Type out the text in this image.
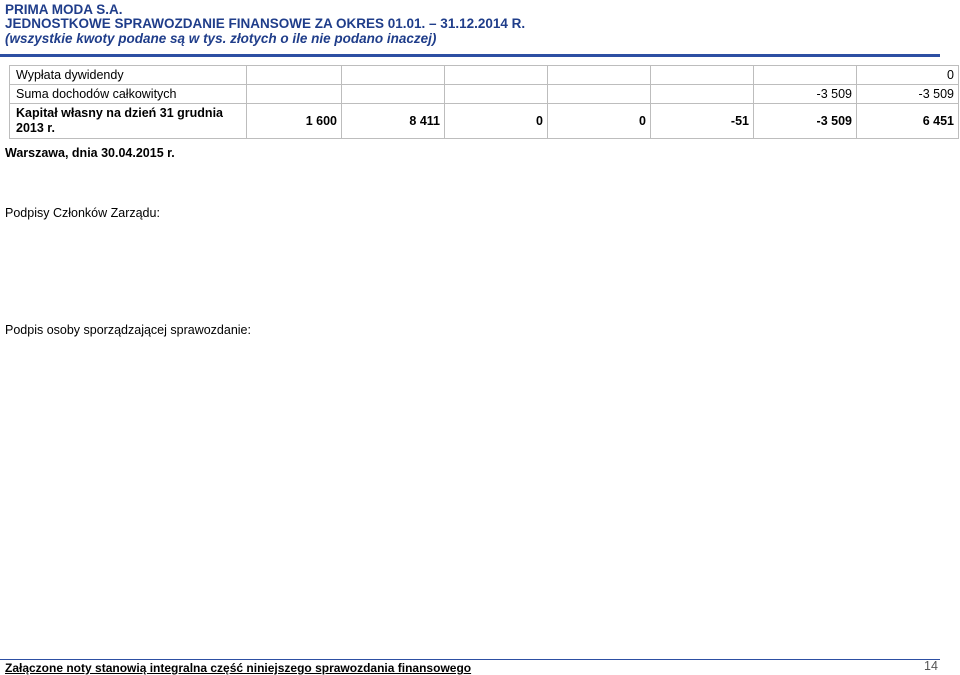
PRIMA MODA S.A.
JEDNOSTKOWE SPRAWOZDANIE FINANSOWE ZA OKRES 01.01. – 31.12.2014 R.
(wszystkie kwoty podane są w tys. złotych o ile nie podano inaczej)
Wypłata dywidendy							0
Suma dochodów całkowitych						-3 509	-3 509
Kapitał własny na dzień 31 grudnia 2013 r.	1 600	8 411	0	0	-51	-3 509	6 451
Warszawa, dnia 30.04.2015 r.
Podpisy Członków Zarządu:
Podpis osoby sporządzającej sprawozdanie:
Załączone noty stanowią integralna część niniejszego sprawozdania finansowego	14
